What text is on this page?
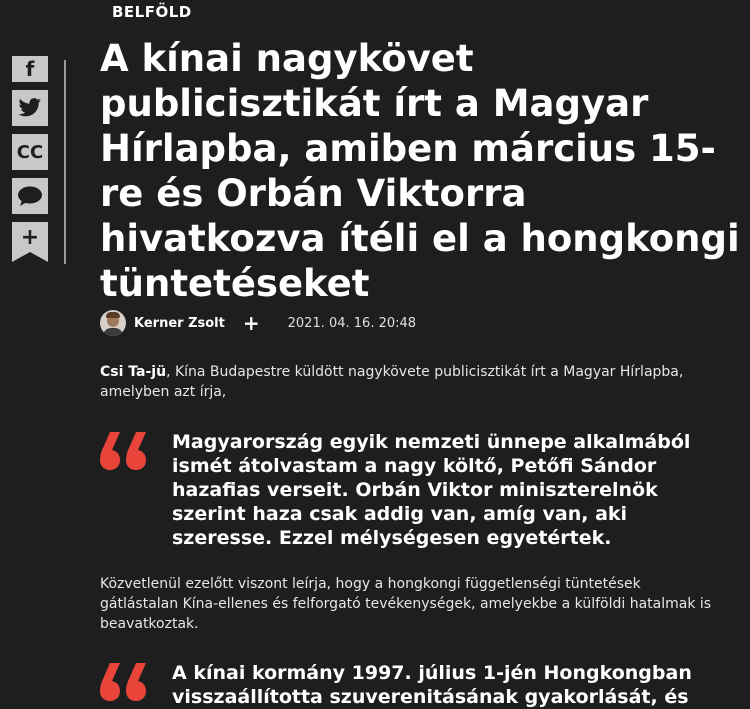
BELFÖLD
f
CC
+
A kínai nagykövet publicisztikát írt a Magyar Hírlapba, amiben március 15-re és Orbán Viktorra hivatkozva ítéli el a hongkongi tüntetéseket
Kerner Zsolt + 2021. 04. 16. 20:48
Csi Ta-jü, Kína Budapestre küldött nagykövete publicisztikát írt a Magyar Hírlapba, amelyben azt írja,
Magyarország egyik nemzeti ünnepe alkalmából ismét átolvastam a nagy költő, Petőfi Sándor hazafias verseit. Orbán Viktor miniszterelnök szerint haza csak addig van, amíg van, aki szeresse. Ezzel mélységesen egyetértek.
Közvetlenül ezelőtt viszont leírja, hogy a hongkongi függetlenségi tüntetések gátlástalan Kína-ellenes és felforgató tevékenységek, amelyekbe a külföldi hatalmak is beavatkoztak.
A kínai kormány 1997. július 1-jén Hongkongban visszaállította szuverenitásának gyakorlását, és
